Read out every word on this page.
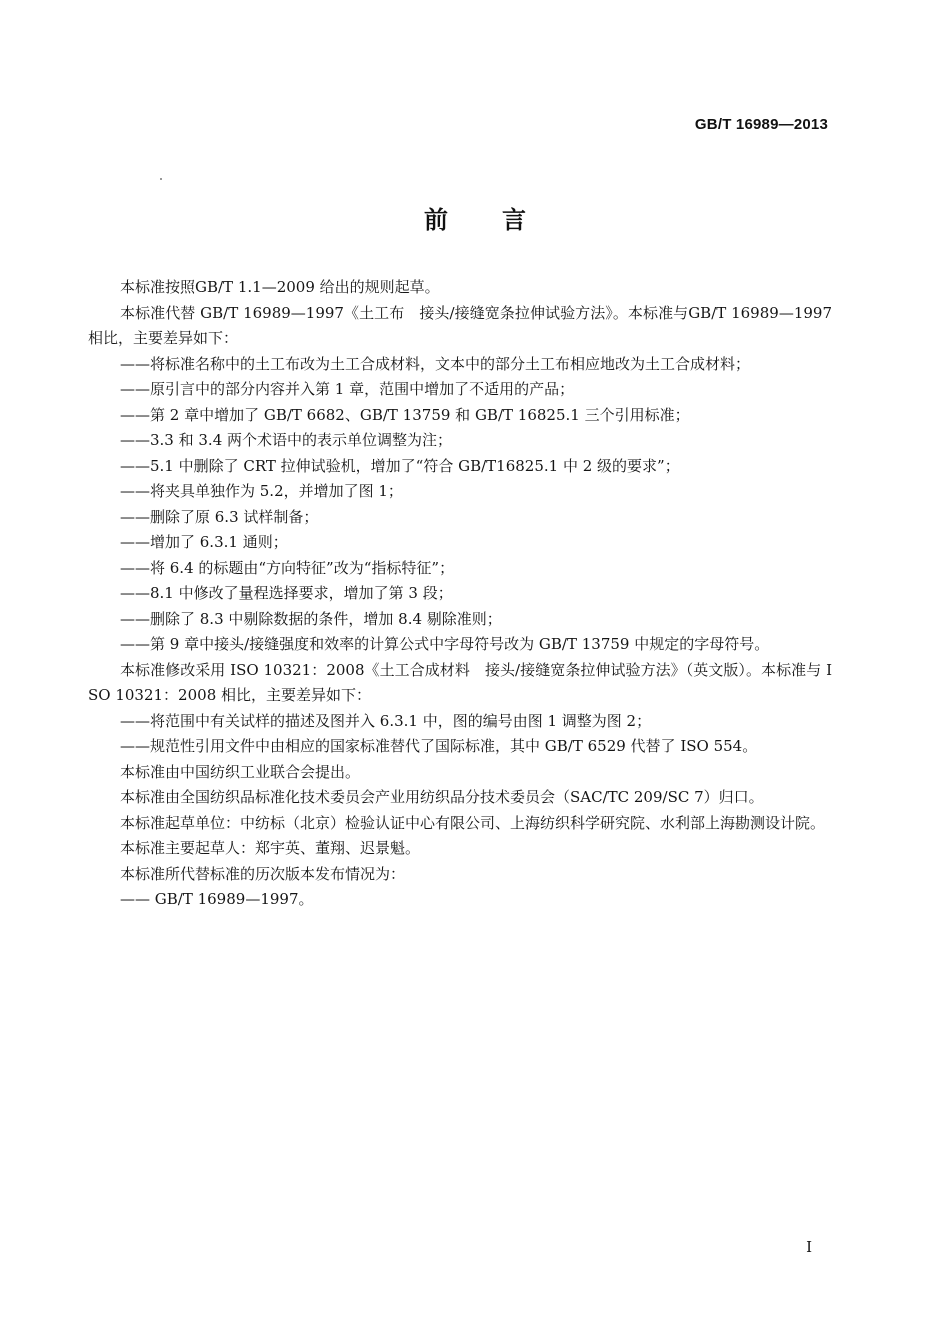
GB/T 16989—2013
前言

本标准按照GB/T 1.1—2009 给出的规则起草。

本标准代替 GB/T 16989—1997《土工布　接头/接缝宽条拉伸试验方法》。本标准与GB/T 16989—1997 相比，主要差异如下：

——将标准名称中的土工布改为土工合成材料，文本中的部分土工布相应地改为土工合成材料；

——原引言中的部分内容并入第 1 章，范围中增加了不适用的产品；

——第 2 章中增加了 GB/T 6682、GB/T 13759 和 GB/T 16825.1 三个引用标准；

——3.3 和 3.4 两个术语中的表示单位调整为注；

——5.1 中删除了 CRT 拉伸试验机，增加了“符合 GB/T16825.1 中 2 级的要求”；

——将夹具单独作为 5.2，并增加了图 1；

——删除了原 6.3 试样制备；

——增加了 6.3.1 通则；

——将 6.4 的标题由“方向特征”改为“指标特征”；

——8.1 中修改了量程选择要求，增加了第 3 段；

——删除了 8.3 中剔除数据的条件，增加 8.4 剔除准则；

——第 9 章中接头/接缝强度和效率的计算公式中字母符号改为 GB/T 13759 中规定的字母符号。

本标准修改采用 ISO 10321：2008《土工合成材料　接头/接缝宽条拉伸试验方法》（英文版）。本标准与 ISO 10321：2008 相比，主要差异如下：

——将范围中有关试样的描述及图并入 6.3.1 中，图的编号由图 1 调整为图 2；

——规范性引用文件中由相应的国家标准替代了国际标准，其中 GB/T 6529 代替了 ISO 554。

本标准由中国纺织工业联合会提出。

本标准由全国纺织品标准化技术委员会产业用纺织品分技术委员会（SAC/TC 209/SC 7）归口。

本标准起草单位：中纺标（北京）检验认证中心有限公司、上海纺织科学研究院、水利部上海勘测设计院。

本标准主要起草人：郑宇英、董翔、迟景魁。

本标准所代替标准的历次版本发布情况为：

—— GB/T 16989—1997。

I
